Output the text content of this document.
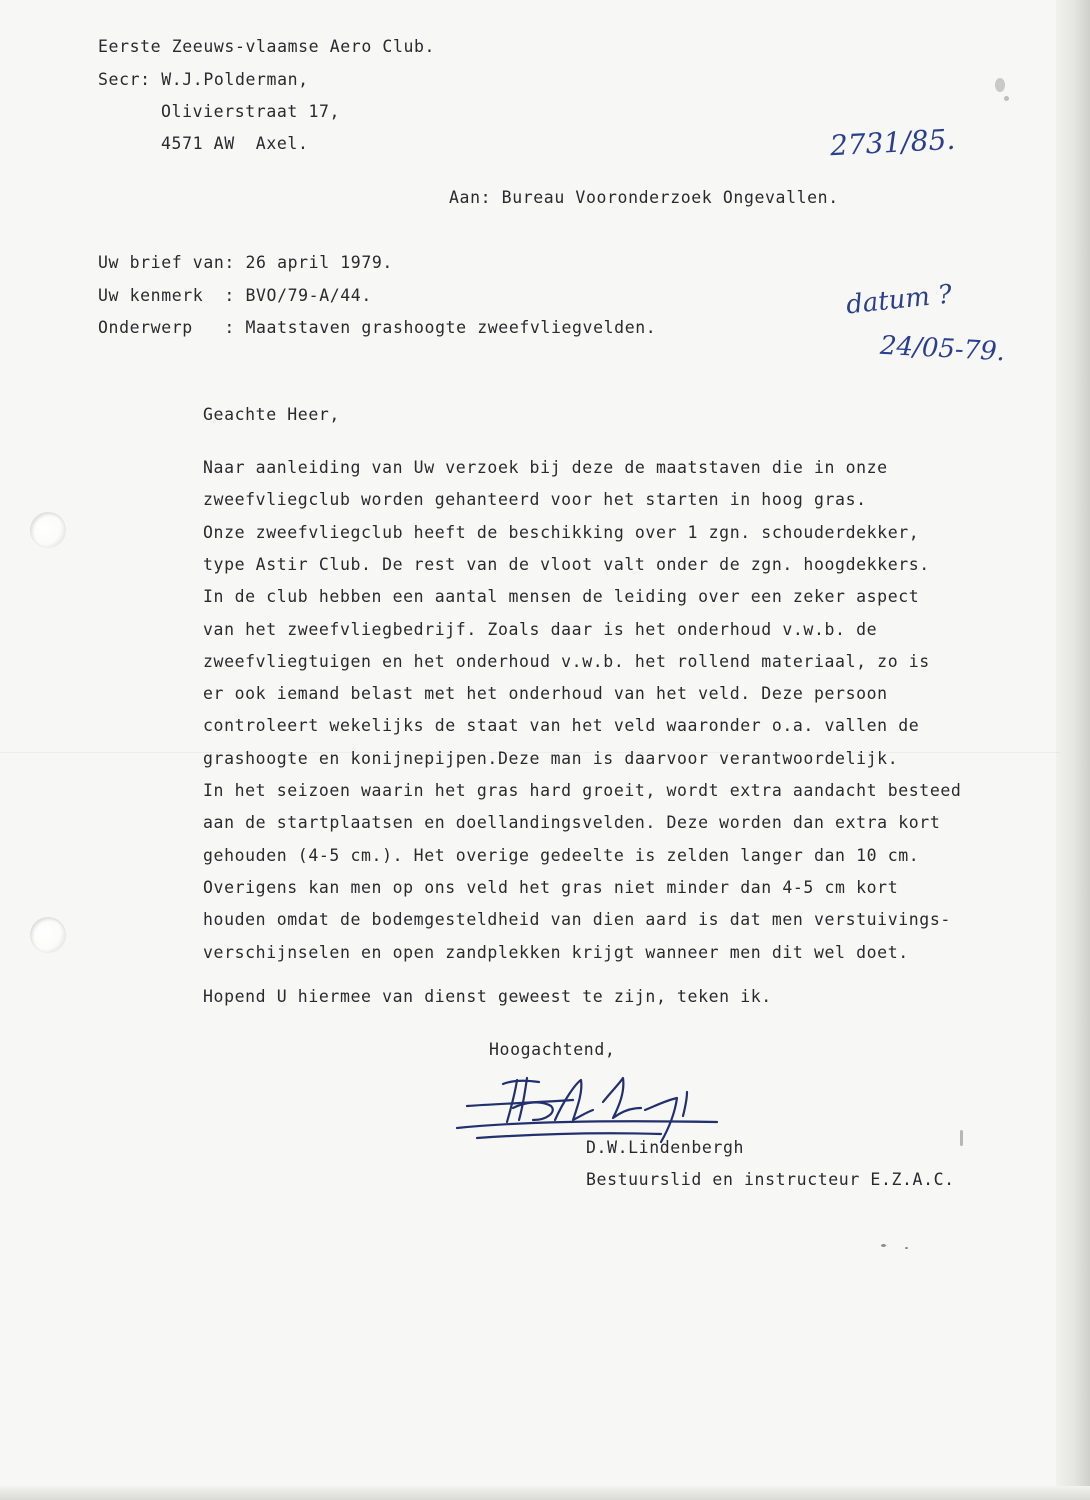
Eerste Zeeuws-vlaamse Aero Club.
Secr: W.J.Polderman,
Olivierstraat 17,
4571 AW  Axel.	2731/85.
Aan: Bureau Vooronderzoek Ongevallen.
Uw brief van: 26 april 1979.
Uw kenmerk  : BVO/79-A/44.
Onderwerp   : Maatstaven grashoogte zweefvliegvelden.
datum ?
24/05-79.
Geachte Heer,
Naar aanleiding van Uw verzoek bij deze de maatstaven die in onze
zweefvliegclub worden gehanteerd voor het starten in hoog gras.
Onze zweefvliegclub heeft de beschikking over 1 zgn. schouderdekker,
type Astir Club. De rest van de vloot valt onder de zgn. hoogdekkers.
In de club hebben een aantal mensen de leiding over een zeker aspect
van het zweefvliegbedrijf. Zoals daar is het onderhoud v.w.b. de
zweefvliegtuigen en het onderhoud v.w.b. het rollend materiaal, zo is
er ook iemand belast met het onderhoud van het veld. Deze persoon
controleert wekelijks de staat van het veld waaronder o.a. vallen de
grashoogte en konijnepijpen.Deze man is daarvoor verantwoordelijk.
In het seizoen waarin het gras hard groeit, wordt extra aandacht besteed
aan de startplaatsen en doellandingsvelden. Deze worden dan extra kort
gehouden (4-5 cm.). Het overige gedeelte is zelden langer dan 10 cm.
Overigens kan men op ons veld het gras niet minder dan 4-5 cm kort
houden omdat de bodemgesteldheid van dien aard is dat men verstuivings-
verschijnselen en open zandplekken krijgt wanneer men dit wel doet.
Hopend U hiermee van dienst geweest te zijn, teken ik.
Hoogachtend,
D.W.Lindenbergh
Bestuurslid en instructeur E.Z.A.C.
